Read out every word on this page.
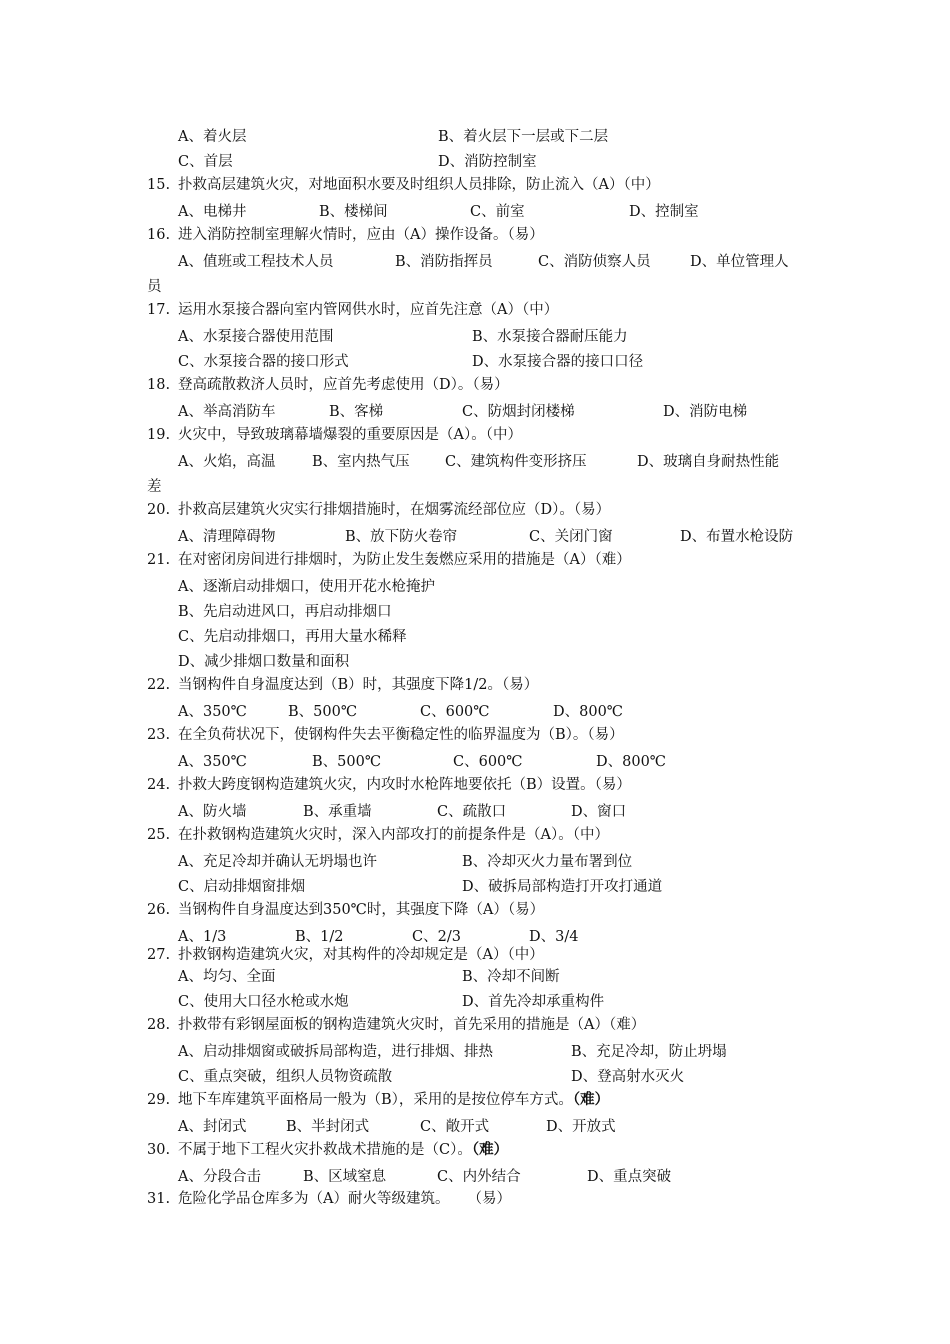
A、着火层	B、着火层下一层或下二层
C、首层	D、消防控制室
15. 扑救高层建筑火灾，对地面积水要及时组织人员排除，防止流入（A）（中）
A、电梯井	B、楼梯间	C、前室	D、控制室
16. 进入消防控制室理解火情时，应由（A）操作设备。（易）
A、值班或工程技术人员	B、消防指挥员	C、消防侦察人员	D、单位管理人
员
17. 运用水泵接合器向室内管网供水时，应首先注意（A）（中）
A、水泵接合器使用范围	B、水泵接合器耐压能力
C、水泵接合器的接口形式	D、水泵接合器的接口口径
18. 登高疏散救济人员时，应首先考虑使用（D）。（易）
A、举高消防车	B、客梯	C、防烟封闭楼梯	D、消防电梯
19. 火灾中，导致玻璃幕墙爆裂的重要原因是（A）。（中）
A、火焰，高温	B、室内热气压 C、建筑构件变形挤压	D、玻璃自身耐热性能
差
20. 扑救高层建筑火灾实行排烟措施时，在烟雾流经部位应（D）。（易）
A、清理障碍物	B、放下防火卷帘	C、关闭门窗	D、布置水枪设防
21. 在对密闭房间进行排烟时，为防止发生轰燃应采用的措施是（A）（难）
A、逐渐启动排烟口，使用开花水枪掩护
B、先启动进风口，再启动排烟口
C、先启动排烟口，再用大量水稀释
D、减少排烟口数量和面积
22. 当钢构件自身温度达到（B）时，其强度下降1/2。（易）
A、350℃	B、500℃	C、600℃	D、800℃
23. 在全负荷状况下，使钢构件失去平衡稳定性的临界温度为（B）。（易）
A、350℃	B、500℃	C、600℃	D、800℃
24. 扑救大跨度钢构造建筑火灾，内攻时水枪阵地要依托（B）设置。（易）
A、防火墙	B、承重墙	C、疏散口	D、窗口
25. 在扑救钢构造建筑火灾时，深入内部攻打的前提条件是（A）。（中）
A、充足冷却并确认无坍塌也许	B、冷却灭火力量布署到位
C、启动排烟窗排烟	D、破拆局部构造打开攻打通道
26. 当钢构件自身温度达到350℃时，其强度下降（A）（易）
A、1/3	B、1/2	C、2/3	D、3/4
27. 扑救钢构造建筑火灾，对其构件的冷却规定是（A）（中）
A、均匀、全面	B、冷却不间断
C、使用大口径水枪或水炮	D、首先冷却承重构件
28. 扑救带有彩钢屋面板的钢构造建筑火灾时，首先采用的措施是（A）（难）
A、启动排烟窗或破拆局部构造，进行排烟、排热	B、充足冷却，防止坍塌
C、重点突破，组织人员物资疏散	D、登高射水灭火
29. 地下车库建筑平面格局一般为（B），采用的是按位停车方式。（难）
A、封闭式	B、半封闭式	C、敞开式	D、开放式
30. 不属于地下工程火灾扑救战术措施的是（C）。（难）
A、分段合击	B、区域窒息	C、内外结合	D、重点突破
31. 危险化学品仓库多为（A）耐火等级建筑。 （易）
